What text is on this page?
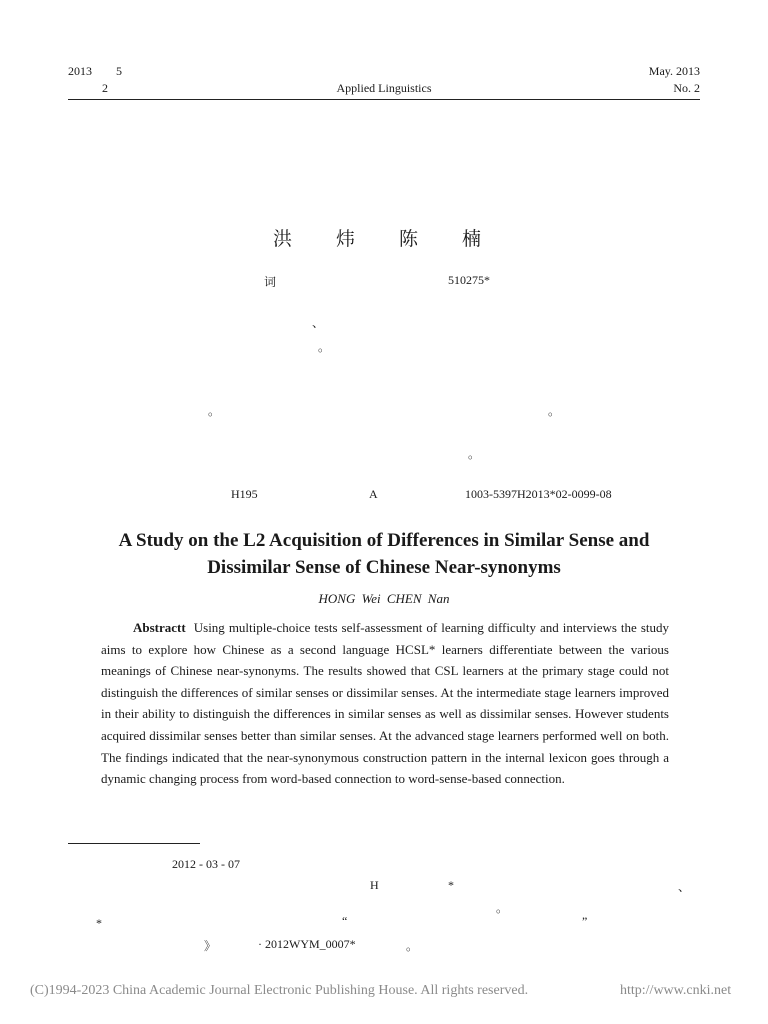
2013 5
2	Applied Linguistics
May. 2013
No. 2
洪 炜 陈 楠
词	510275*
、
。
。	。
。
H195	A	1003-5397H2013*02-0099-08
A Study on the L2 Acquisition of Differences in Similar Sense and
Dissimilar Sense of Chinese Near-synonyms
HONG Wei CHEN Nan
Abstractt Using multiple-choice tests self-assessment of learning difficulty and interviews the study aims to explore how Chinese as a second language HCSL* learners differentiate between the various meanings of Chinese near-synonyms. The results showed that CSL learners at the primary stage could not distinguish the differences of similar senses or dissimilar senses. At the intermediate stage learners improved in their ability to distinguish the differences in similar senses as well as dissimilar senses. However students acquired dissimilar senses better than similar senses. At the advanced stage learners performed well on both. The findings indicated that the near-synonymous construction pattern in the internal lexicon goes through a dynamic changing process from word-based connection to word-sense-based connection.
2012 - 03 - 07
H	*	、
。
*	“	”
》	· 2012WYM_0007*	。
(C)1994-2023 China Academic Journal Electronic Publishing House. All rights reserved.	http://www.cnki.net
